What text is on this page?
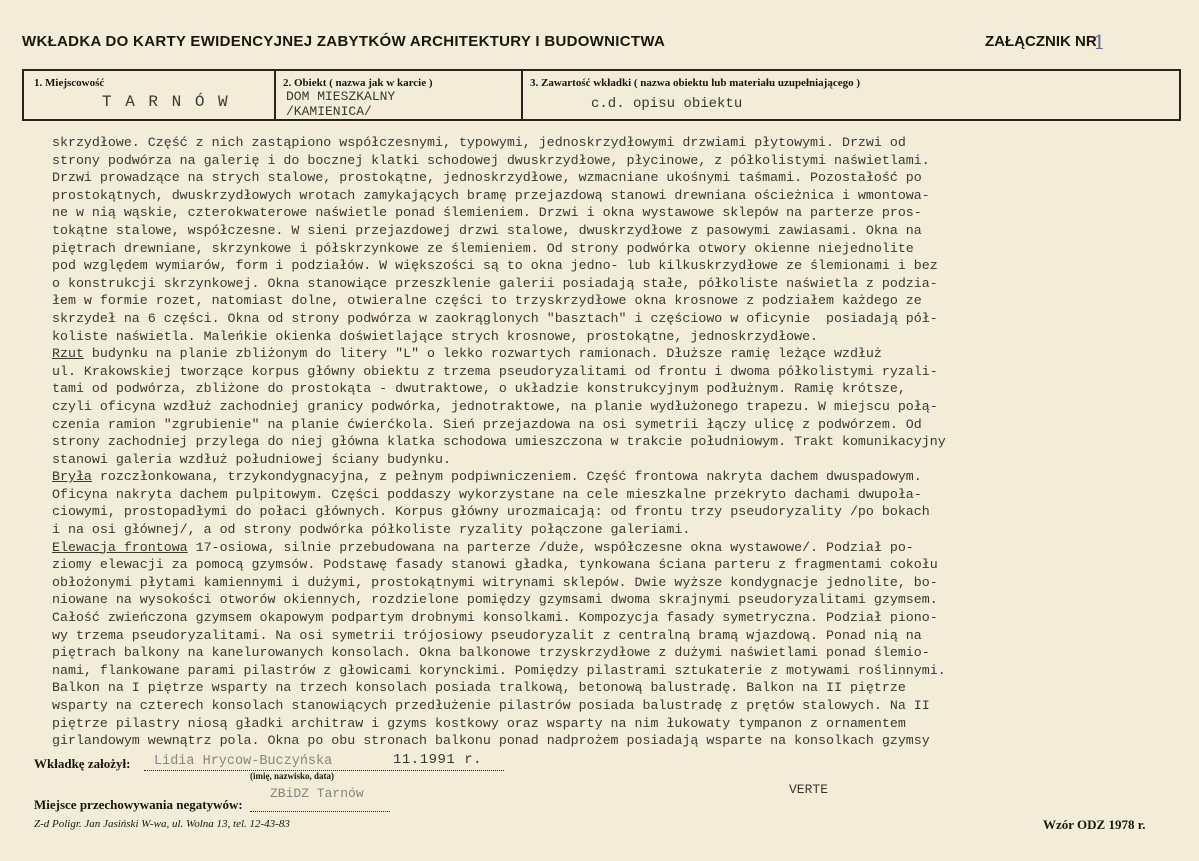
WKŁADKA DO KARTY EWIDENCYJNEJ ZABYTKÓW ARCHITEKTURY I BUDOWNICTWA	ZAŁĄCZNIK NR
1
1. Miejscowość
T A R N Ó W
2. Obiekt ( nazwa jak w karcie )
DOM MIESZKALNY
/KAMIENICA/
3. Zawartość wkładki ( nazwa obiektu lub materiału uzupełniającego )
c.d. opisu obiektu
skrzydłowe. Część z nich zastąpiono współczesnymi, typowymi, jednoskrzydłowymi drzwiami płytowymi. Drzwi od
strony podwórza na galerię i do bocznej klatki schodowej dwuskrzydłowe, płycinowe, z półkolistymi naświetlami.
Drzwi prowadzące na strych stalowe, prostokątne, jednoskrzydłowe, wzmacniane ukośnymi taśmami. Pozostałość po
prostokątnych, dwuskrzydłowych wrotach zamykających bramę przejazdową stanowi drewniana ościeżnica i wmontowa-
ne w nią wąskie, czterokwaterowe naświetle ponad ślemieniem. Drzwi i okna wystawowe sklepów na parterze pros-
tokątne stalowe, współczesne. W sieni przejazdowej drzwi stalowe, dwuskrzydłowe z pasowymi zawiasami. Okna na
piętrach drewniane, skrzynkowe i półskrzynkowe ze ślemieniem. Od strony podwórka otwory okienne niejednolite
pod względem wymiarów, form i podziałów. W większości są to okna jedno- lub kilkuskrzydłowe ze ślemionami i bez
o konstrukcji skrzynkowej. Okna stanowiące przeszklenie galerii posiadają stałe, półkoliste naświetla z podzia-
łem w formie rozet, natomiast dolne, otwieralne części to trzyskrzydłowe okna krosnowe z podziałem każdego ze
skrzydeł na 6 części. Okna od strony podwórza w zaokrąglonych "basztach" i częściowo w oficynie  posiadają pół-
koliste naświetla. Maleńkie okienka doświetlające strych krosnowe, prostokątne, jednoskrzydłowe.
Rzut budynku na planie zbliżonym do litery "L" o lekko rozwartych ramionach. Dłuższe ramię leżące wzdłuż
ul. Krakowskiej tworzące korpus główny obiektu z trzema pseudoryzalitami od frontu i dwoma półkolistymi ryzali-
tami od podwórza, zbliżone do prostokąta - dwutraktowe, o układzie konstrukcyjnym podłużnym. Ramię krótsze,
czyli oficyna wzdłuż zachodniej granicy podwórka, jednotraktowe, na planie wydłużonego trapezu. W miejscu połą-
czenia ramion "zgrubienie" na planie ćwierćkola. Sień przejazdowa na osi symetrii łączy ulicę z podwórzem. Od
strony zachodniej przylega do niej główna klatka schodowa umieszczona w trakcie południowym. Trakt komunikacyjny
stanowi galeria wzdłuż południowej ściany budynku.
Bryła rozczłonkowana, trzykondygnacyjna, z pełnym podpiwniczeniem. Część frontowa nakryta dachem dwuspadowym.
Oficyna nakryta dachem pulpitowym. Części poddaszy wykorzystane na cele mieszkalne przekryto dachami dwupoła-
ciowymi, prostopadłymi do połaci głównych. Korpus główny urozmaicają: od frontu trzy pseudoryzality /po bokach
i na osi głównej/, a od strony podwórka półkoliste ryzality połączone galeriami.
Elewacja frontowa 17-osiowa, silnie przebudowana na parterze /duże, współczesne okna wystawowe/. Podział po-
ziomy elewacji za pomocą gzymsów. Podstawę fasady stanowi gładka, tynkowana ściana parteru z fragmentami cokołu
obłożonymi płytami kamiennymi i dużymi, prostokątnymi witrynami sklepów. Dwie wyższe kondygnacje jednolite, bo-
niowane na wysokości otworów okiennych, rozdzielone pomiędzy gzymsami dwoma skrajnymi pseudoryzalitami gzymsem.
Całość zwieńczona gzymsem okapowym podpartym drobnymi konsolkami. Kompozycja fasady symetryczna. Podział piono-
wy trzema pseudoryzalitami. Na osi symetrii trójosiowy pseudoryzalit z centralną bramą wjazdową. Ponad nią na
piętrach balkony na kanelurowanych konsolach. Okna balkonowe trzyskrzydłowe z dużymi naświetlami ponad ślemio-
nami, flankowane parami pilastrów z głowicami korynckimi. Pomiędzy pilastrami sztukaterie z motywami roślinnymi.
Balkon na I piętrze wsparty na trzech konsolach posiada tralkową, betonową balustradę. Balkon na II piętrze
wsparty na czterech konsolach stanowiących przedłużenie pilastrów posiada balustradę z prętów stalowych. Na II
piętrze pilastry niosą gładki architraw i gzyms kostkowy oraz wsparty na nim łukowaty tympanon z ornamentem
girlandowym wewnątrz pola. Okna po obu stronach balkonu ponad nadprożem posiadają wsparte na konsolkach gzymsy
Wkładkę założył: Lidia Hrycow-Buczyńska	11.1991 r.
(imię, nazwisko, data)
VERTE
Miejsce przechowywania negatywów:
ZBiDZ Tarnów
Z-d Poligr. Jan Jasiński W-wa, ul. Wolna 13, tel. 12-43-83	Wzór ODZ 1978 r.
